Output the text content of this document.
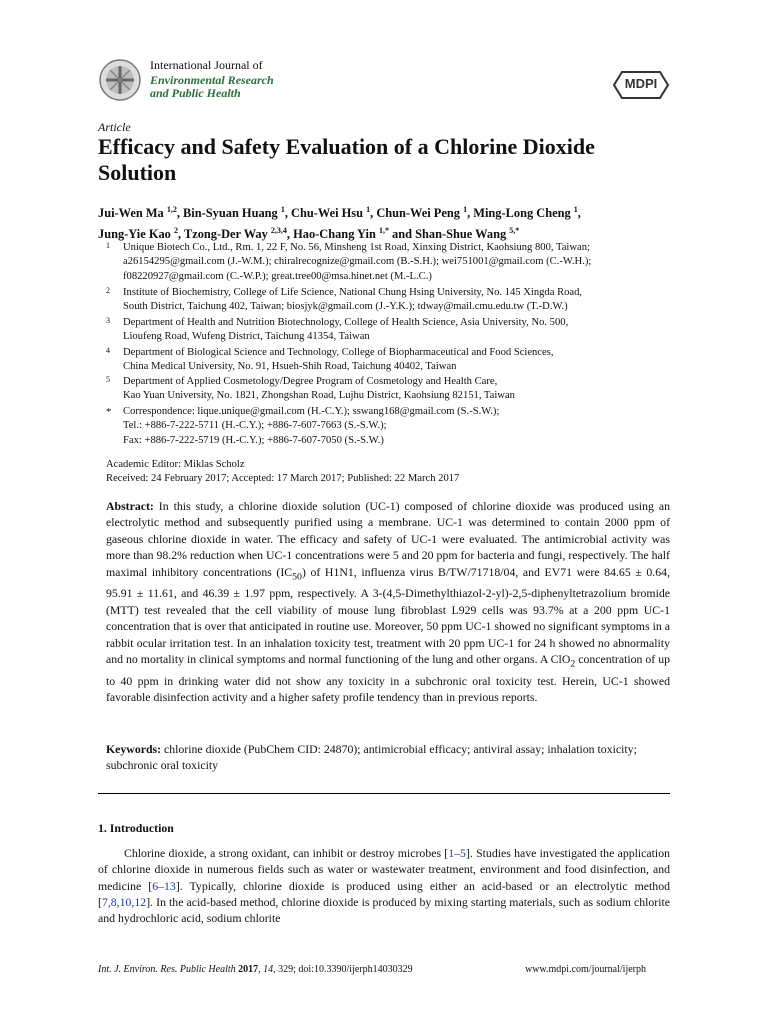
International Journal of
Environmental Research
and Public Health
MDPI
Article
Efficacy and Safety Evaluation of a Chlorine Dioxide Solution
Jui-Wen Ma $^{1,2}$, Bin-Syuan Huang $^1$, Chu-Wei Hsu $^1$, Chun-Wei Peng $^1$, Ming-Long Cheng $^1$,
Jung-Yie Kao $^2$, Tzong-Der Way $^{2,3,4}$, Hao-Chang Yin $^{1,*}$ and Shan-Shue Wang $^{5,*}$
1 Unique Biotech Co., Ltd., Rm. 1, 22 F, No. 56, Minsheng 1st Road, Xinxing District, Kaohsiung 800, Taiwan;
a26154295@gmail.com (J.-W.M.); chiralrecognize@gmail.com (B.-S.H.); wei751001@gmail.com (C.-W.H.);
f08220927@gmail.com (C.-W.P.); great.tree00@msa.hinet.net (M.-L.C.)
2 Institute of Biochemistry, College of Life Science, National Chung Hsing University, No. 145 Xingda Road,
South District, Taichung 402, Taiwan; biosjyk@gmail.com (J.-Y.K.); tdway@mail.cmu.edu.tw (T.-D.W.)
3 Department of Health and Nutrition Biotechnology, College of Health Science, Asia University, No. 500,
Lioufeng Road, Wufeng District, Taichung 41354, Taiwan
4 Department of Biological Science and Technology, College of Biopharmaceutical and Food Sciences,
China Medical University, No. 91, Hsueh-Shih Road, Taichung 40402, Taiwan
5 Department of Applied Cosmetology/Degree Program of Cosmetology and Health Care,
Kao Yuan University, No. 1821, Zhongshan Road, Lujhu District, Kaohsiung 82151, Taiwan
* Correspondence: lique.unique@gmail.com (H.-C.Y.); sswang168@gmail.com (S.-S.W.);
Tel.: +886-7-222-5711 (H.-C.Y.); +886-7-607-7663 (S.-S.W.);
Fax: +886-7-222-5719 (H.-C.Y.); +886-7-607-7050 (S.-S.W.)
Academic Editor: Miklas Scholz
Received: 24 February 2017; Accepted: 17 March 2017; Published: 22 March 2017
Abstract: In this study, a chlorine dioxide solution (UC-1) composed of chlorine dioxide was produced using an electrolytic method and subsequently purified using a membrane. UC-1 was determined to contain 2000 ppm of gaseous chlorine dioxide in water. The efficacy and safety of UC-1 were evaluated. The antimicrobial activity was more than 98.2% reduction when UC-1 concentrations were 5 and 20 ppm for bacteria and fungi, respectively. The half maximal inhibitory concentrations $(IC_{50})$ of H1N1, influenza virus B/TW/71718/04, and EV71 were 84.65 ± 0.64, 95.91 ± 11.61, and 46.39 ± 1.97 ppm, respectively. A 3-(4,5-Dimethylthiazol-2-yl)-2,5-diphenyltetrazolium bromide (MTT) test revealed that the cell viability of mouse lung fibroblast L929 cells was 93.7% at a 200 ppm UC-1 concentration that is over that anticipated in routine use. Moreover, 50 ppm UC-1 showed no significant symptoms in a rabbit ocular irritation test. In an inhalation toxicity test, treatment with 20 ppm UC-1 for 24 h showed no abnormality and no mortality in clinical symptoms and normal functioning of the lung and other organs. A ClO$_2$ concentration of up to 40 ppm in drinking water did not show any toxicity in a subchronic oral toxicity test. Herein, UC-1 showed favorable disinfection activity and a higher safety profile tendency than in previous reports.
Keywords: chlorine dioxide (PubChem CID: 24870); antimicrobial efficacy; antiviral assay; inhalation toxicity; subchronic oral toxicity
1. Introduction
Chlorine dioxide, a strong oxidant, can inhibit or destroy microbes [1–5]. Studies have investigated the application of chlorine dioxide in numerous fields such as water or wastewater treatment, environment and food disinfection, and medicine [6–13]. Typically, chlorine dioxide is produced using either an acid-based or an electrolytic method [7,8,10,12]. In the acid-based method, chlorine dioxide is produced by mixing starting materials, such as sodium chlorite and hydrochloric acid, sodium chlorite
Int. J. Environ. Res. Public Health 2017, 14, 329; doi:10.3390/ijerph14030329	www.mdpi.com/journal/ijerph
